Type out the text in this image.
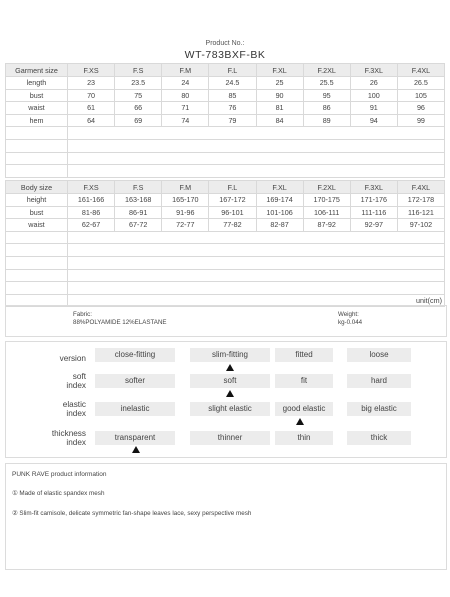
Product No.:
WT-783BXF-BK
Garment size	F.XS	F.S	F.M	F.L	F.XL	F.2XL	F.3XL	F.4XL
length	23	23.5	24	24.5	25	25.5	26	26.5
bust	70	75	80	85	90	95	100	105
waist	61	66	71	76	81	86	91	96
hem	64	69	74	79	84	89	94	99

Body size	F.XS	F.S	F.M	F.L	F.XL	F.2XL	F.3XL	F.4XL
height	161-166	163-168	165-170	167-172	169-174	170-175	171-176	172-178
bust	81-86	86-91	91-96	96-101	101-106	106-111	111-116	116-121
waist	62-67	67-72	72-77	77-82	82-87	87-92	92-97	97-102

	unit(cm)							
Fabric:
88%POLYAMIDE 12%ELASTANE
Weight:
kg-0.044
version	close-fitting	slim-fitting	fitted	loose
soft
index
softer	soft	fit	hard
elastic
index
inelastic	slight elastic	good elastic	big elastic
thickness
index
transparent	thinner	thin	thick
PUNK RAVE product information
① Made of elastic spandex mesh
② Slim-fit camisole, delicate symmetric fan-shape leaves lace, sexy perspective mesh
